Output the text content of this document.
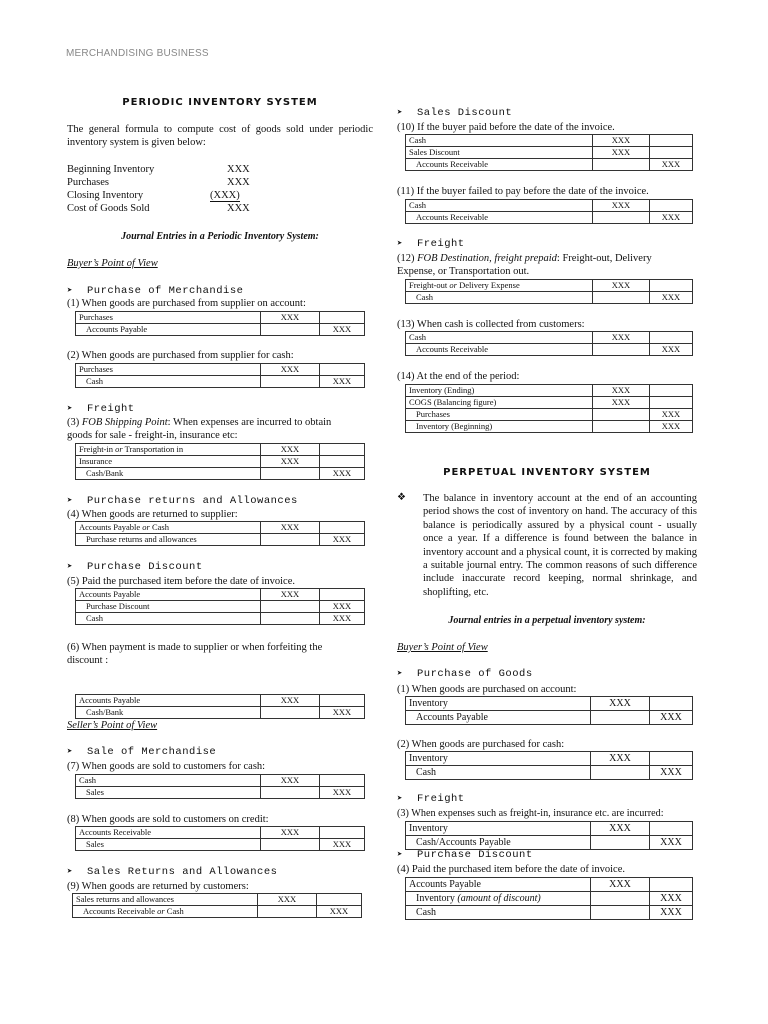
MERCHANDISING BUSINESS
PERIODIC INVENTORY SYSTEM
The general formula to compute cost of goods sold under periodic inventory system is given below:
Beginning Inventory	XXX
Purchases	XXX
Closing Inventory	(XXX)
Cost of Goods Sold	XXX
Journal Entries in a Periodic Inventory System:
Buyer’s Point of View
➤ Purchase of Merchandise
(1) When goods are purchased from supplier on account:
Purchases	XXX	
Accounts Payable		XXX
(2) When goods are purchased from supplier for cash:
Purchases	XXX	
Cash		XXX
➤ Freight
(3) FOB Shipping Point: When expenses are incurred to obtain
goods for sale - freight-in, insurance etc:
Freight-in or Transportation in	XXX	
Insurance	XXX	
Cash/Bank		XXX
➤ Purchase returns and Allowances
(4) When goods are returned to supplier:
Accounts Payable or Cash	XXX	
Purchase returns and allowances		XXX
➤ Purchase Discount
(5) Paid the purchased item before the date of invoice.
Accounts Payable	XXX	
Purchase Discount		XXX
Cash		XXX
(6) When payment is made to supplier or when forfeiting the
discount :
Accounts Payable	XXX	
Cash/Bank		XXX
Seller’s Point of View
➤ Sale of Merchandise
(7) When goods are sold to customers for cash:
Cash	XXX	
Sales		XXX
(8) When goods are sold to customers on credit:
Accounts Receivable	XXX	
Sales		XXX
➤ Sales Returns and Allowances
(9) When goods are returned by customers:
Sales returns and allowances	XXX	
Accounts Receivable or Cash		XXX
➤ Sales Discount
(10) If the buyer paid before the date of the invoice.
Cash	XXX	
Sales Discount	XXX	
Accounts Receivable		XXX
(11) If the buyer failed to pay before the date of the invoice.
Cash	XXX	
Accounts Receivable		XXX
➤ Freight
(12) FOB Destination, freight prepaid: Freight-out, Delivery
Expense, or Transportation out.
Freight-out or Delivery Expense	XXX	
Cash		XXX
(13) When cash is collected from customers:
Cash	XXX	
Accounts Receivable		XXX
(14) At the end of the period:
Inventory (Ending)	XXX	
COGS (Balancing figure)	XXX	
Purchases		XXX
Inventory (Beginning)		XXX
PERPETUAL INVENTORY SYSTEM
❖ The balance in inventory account at the end of an accounting period shows the cost of inventory on hand. The accuracy of this balance is periodically assured by a physical count - usually once a year. If a difference is found between the balance in inventory account and a physical count, it is corrected by making a suitable journal entry. The common reasons of such difference include inaccurate record keeping, normal shrinkage, and shoplifting, etc.
Journal entries in a perpetual inventory system:
Buyer’s Point of View
➤ Purchase of Goods
(1) When goods are purchased on account:
Inventory	XXX	
Accounts Payable		XXX
(2) When goods are purchased for cash:
Inventory	XXX	
Cash		XXX
➤ Freight
(3) When expenses such as freight-in, insurance etc. are incurred:
Inventory	XXX	
Cash/Accounts Payable		XXX
➤ Purchase Discount
(4) Paid the purchased item before the date of invoice.
Accounts Payable	XXX	
Inventory (amount of discount)		XXX
Cash		XXX
